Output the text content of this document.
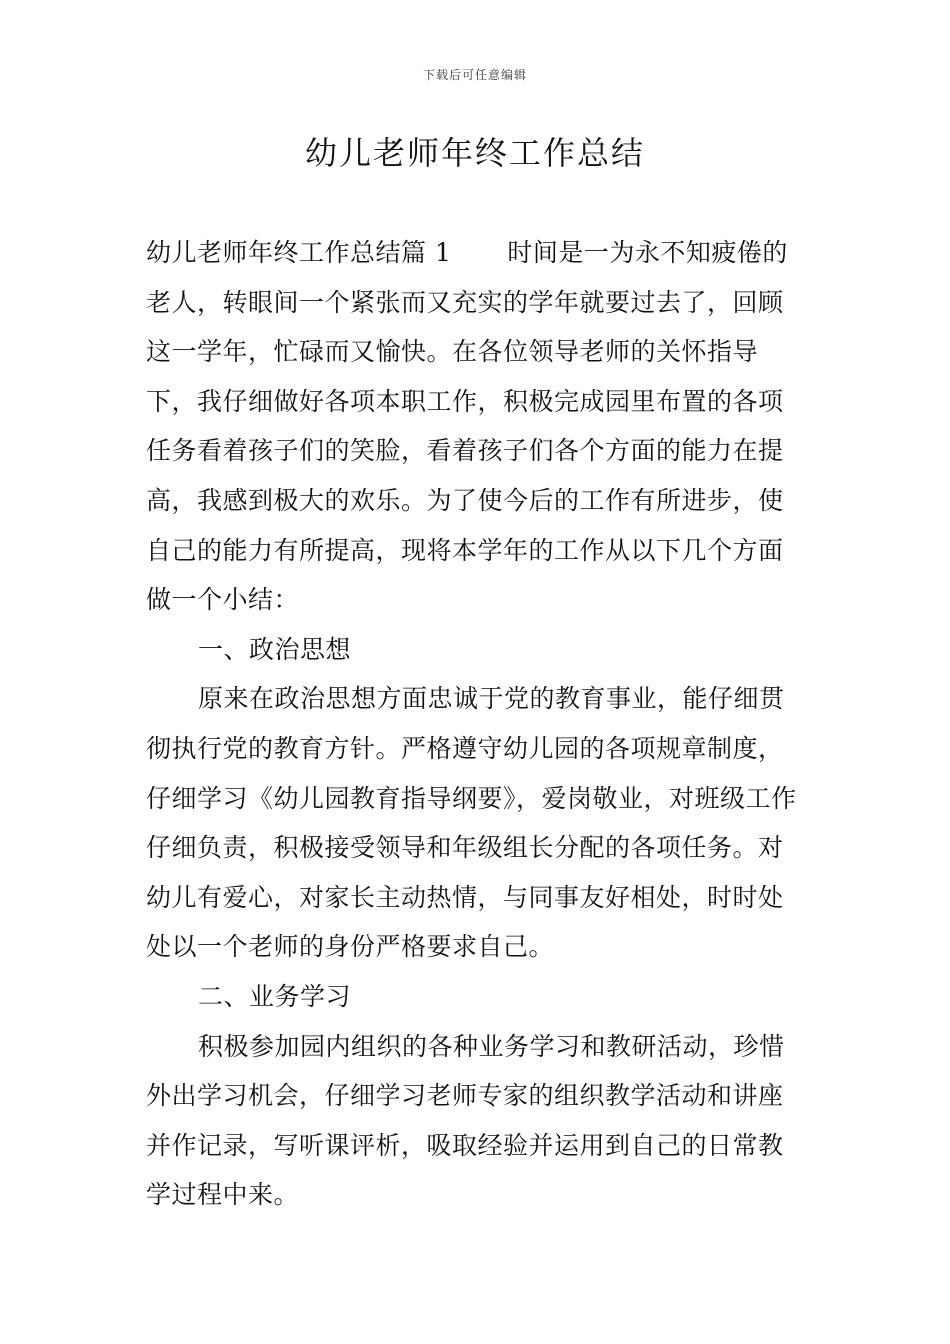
下载后可任意编辑
幼儿老师年终工作总结

幼儿老师年终工作总结篇 1 时间是一为永不知疲倦的老人，转眼间一个紧张而又充实的学年就要过去了，回顾这一学年，忙碌而又愉快。在各位领导老师的关怀指导下，我仔细做好各项本职工作，积极完成园里布置的各项任务看着孩子们的笑脸，看着孩子们各个方面的能力在提高，我感到极大的欢乐。为了使今后的工作有所进步，使自己的能力有所提高，现将本学年的工作从以下几个方面做一个小结：

一、政治思想

原来在政治思想方面忠诚于党的教育事业，能仔细贯彻执行党的教育方针。严格遵守幼儿园的各项规章制度，仔细学习《幼儿园教育指导纲要》，爱岗敬业，对班级工作仔细负责，积极接受领导和年级组长分配的各项任务。对幼儿有爱心，对家长主动热情，与同事友好相处，时时处处以一个老师的身份严格要求自己。

二、业务学习

积极参加园内组织的各种业务学习和教研活动，珍惜外出学习机会，仔细学习老师专家的组织教学活动和讲座并作记录，写听课评析，吸取经验并运用到自己的日常教学过程中来。
